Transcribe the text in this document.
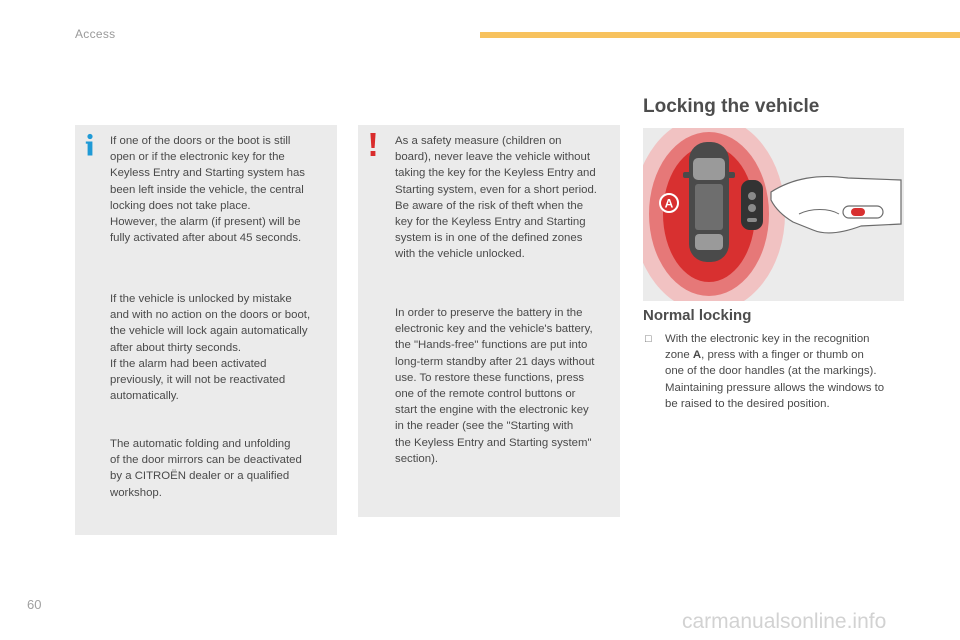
Access
If one of the doors or the boot is still
open or if the electronic key for the
Keyless Entry and Starting system has
been left inside the vehicle, the central
locking does not take place.
However, the alarm (if present) will be
fully activated after about 45 seconds.
If the vehicle is unlocked by mistake
and with no action on the doors or boot,
the vehicle will lock again automatically
after about thirty seconds.
If the alarm had been activated
previously, it will not be reactivated
automatically.
The automatic folding and unfolding
of the door mirrors can be deactivated
by a CITROËN dealer or a qualified
workshop.
As a safety measure (children on
board), never leave the vehicle without
taking the key for the Keyless Entry and
Starting system, even for a short period.
Be aware of the risk of theft when the
key for the Keyless Entry and Starting
system is in one of the defined zones
with the vehicle unlocked.
In order to preserve the battery in the
electronic key and the vehicle's battery,
the "Hands-free" functions are put into
long-term standby after 21 days without
use. To restore these functions, press
one of the remote control buttons or
start the engine with the electronic key
in the reader (see the "Starting with
the Keyless Entry and Starting system"
section).
Locking the vehicle
A
Normal locking
□ With the electronic key in the recognition
zone A, press with a finger or thumb on
one of the door handles (at the markings).
Maintaining pressure allows the windows to
be raised to the desired position.
60
carmanualsonline.info
